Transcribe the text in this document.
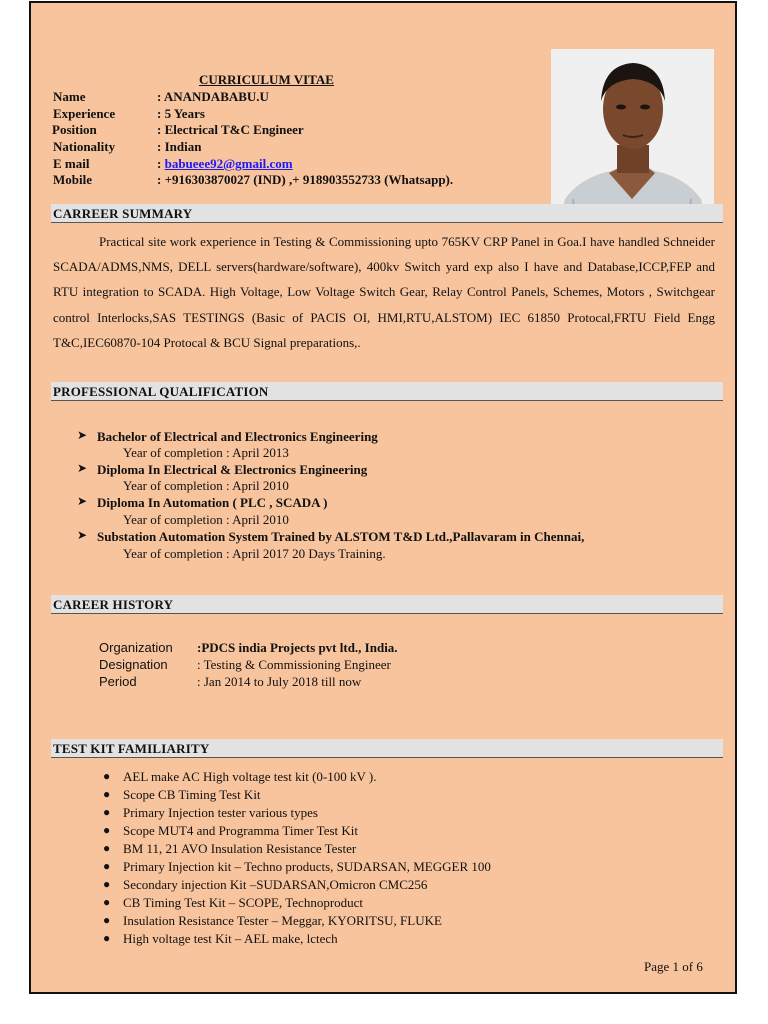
CURRICULUM VITAE
Name	: ANANDABABU.U
Experience	: 5 Years
Position	: Electrical T&C Engineer
Nationality	: Indian
E mail	: babueee92@gmail.com
Mobile	: +916303870027 (IND) ,+ 918903552733 (Whatsapp).
CARREER SUMMARY

Practical site work experience in Testing & Commissioning upto 765KV CRP Panel in Goa.I have handled Schneider SCADA/ADMS,NMS, DELL servers(hardware/software), 400kv Switch yard exp also I have and Database,ICCP,FEP and RTU integration to SCADA. High Voltage, Low Voltage Switch Gear, Relay Control Panels, Schemes, Motors , Switchgear control Interlocks,SAS TESTINGS (Basic of PACIS OI, HMI,RTU,ALSTOM) IEC 61850 Protocal,FRTU Field Engg T&C,IEC60870-104 Protocal & BCU Signal preparations,.

PROFESSIONAL QUALIFICATION
➤ Bachelor of Electrical and Electronics Engineering
Year of completion : April 2013
➤ Diploma In Electrical & Electronics Engineering
Year of completion : April 2010
➤ Diploma In Automation ( PLC , SCADA )
Year of completion : April 2010
➤ Substation Automation System Trained by ALSTOM T&D Ltd.,Pallavaram in Chennai,
Year of completion : April 2017 20 Days Training.
CAREER HISTORY
Organization :PDCS india Projects pvt ltd., India.
Designation : Testing & Commissioning Engineer
Period	: Jan 2014 to July 2018 till now
TEST KIT FAMILIARITY
● AEL make AC High voltage test kit (0-100 kV ).
● Scope CB Timing Test Kit
● Primary Injection tester various types
● Scope MUT4 and Programma Timer Test Kit
● BM 11, 21 AVO Insulation Resistance Tester
● Primary Injection kit – Techno products, SUDARSAN, MEGGER 100
● Secondary injection Kit –SUDARSAN,Omicron CMC256
● CB Timing Test Kit – SCOPE, Technoproduct
● Insulation Resistance Tester – Meggar, KYORITSU, FLUKE
● High voltage test Kit – AEL make, lctech
Page 1 of 6
